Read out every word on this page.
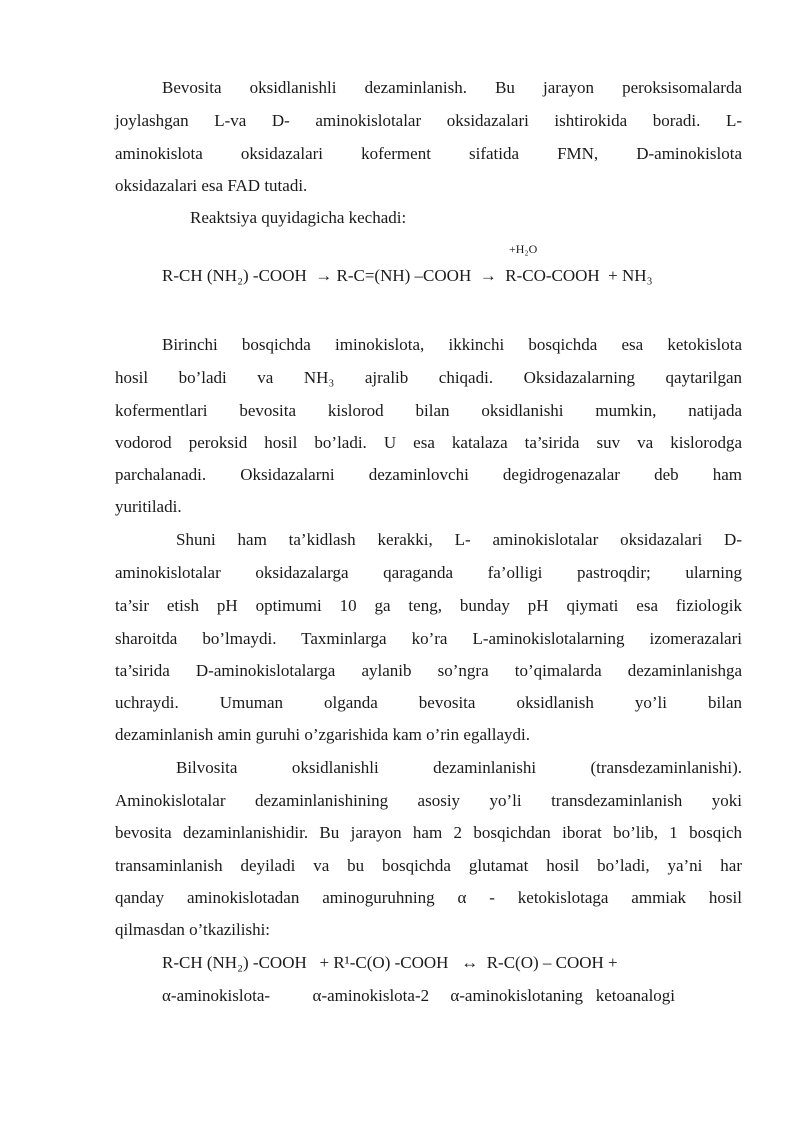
Bevosita oksidlanishli dezaminlanish. Bu jarayon peroksisomalarda
joylashgan L-va D- aminokislotalar oksidazalari ishtirokida boradi. L-
aminokislota oksidazalari koferment sifatida FMN, D-aminokislota
oksidazalari esa FAD tutadi.
Reaktsiya quyidagicha kechadi:
+H₂O
R-CH (NH₂) -COOH → R-C=(NH) –COOH → R-CO-COOH  + NH₃
Birinchi bosqichda iminokislota, ikkinchi bosqichda esa ketokislota
hosil bo’ladi va NH₃ ajralib chiqadi. Oksidazalarning qaytarilgan
kofermentlari bevosita kislorod bilan oksidlanishi mumkin, natijada
vodorod peroksid hosil bo’ladi. U esa katalaza ta’sirida suv va kislorodga
parchalanadi. Oksidazalarni dezaminlovchi degidrogenazalar deb ham
yuritiladi.
Shuni ham ta’kidlash kerakki, L- aminokislotalar oksidazalari D-
aminokislotalar oksidazalarga qaraganda fa’olligi pastroqdir; ularning
ta’sir etish pH optimumi 10 ga teng, bunday pH qiymati esa fiziologik
sharoitda bo’lmaydi. Taxminlarga ko’ra L-aminokislotalarning izomerazalari
ta’sirida D-aminokislotalarga aylanib so’ngra to’qimalarda dezaminlanishga
uchraydi. Umuman olganda bevosita oksidlanish yo’li bilan
dezaminlanish amin guruhi o’zgarishida kam o’rin egallaydi.
Bilvosita oksidlanishli dezaminlanishi (transdezaminlanishi).
Aminokislotalar dezaminlanishining asosiy yo’li transdezaminlanish yoki
bevosita dezaminlanishidir. Bu jarayon ham 2 bosqichdan iborat bo’lib, 1 bosqich
transaminlanish deyiladi va bu bosqichda glutamat hosil bo’ladi, ya’ni har
qanday aminokislotadan aminoguruhning α - ketokislotaga ammiak hosil
qilmasdan o’tkazilishi:
R-CH (NH₂) -COOH   + R¹-C(O) -COOH   ↔  R-C(O) – COOH +
α-aminokislota-          α-aminokislota-2     α-aminokislotaning   ketoanalogi
